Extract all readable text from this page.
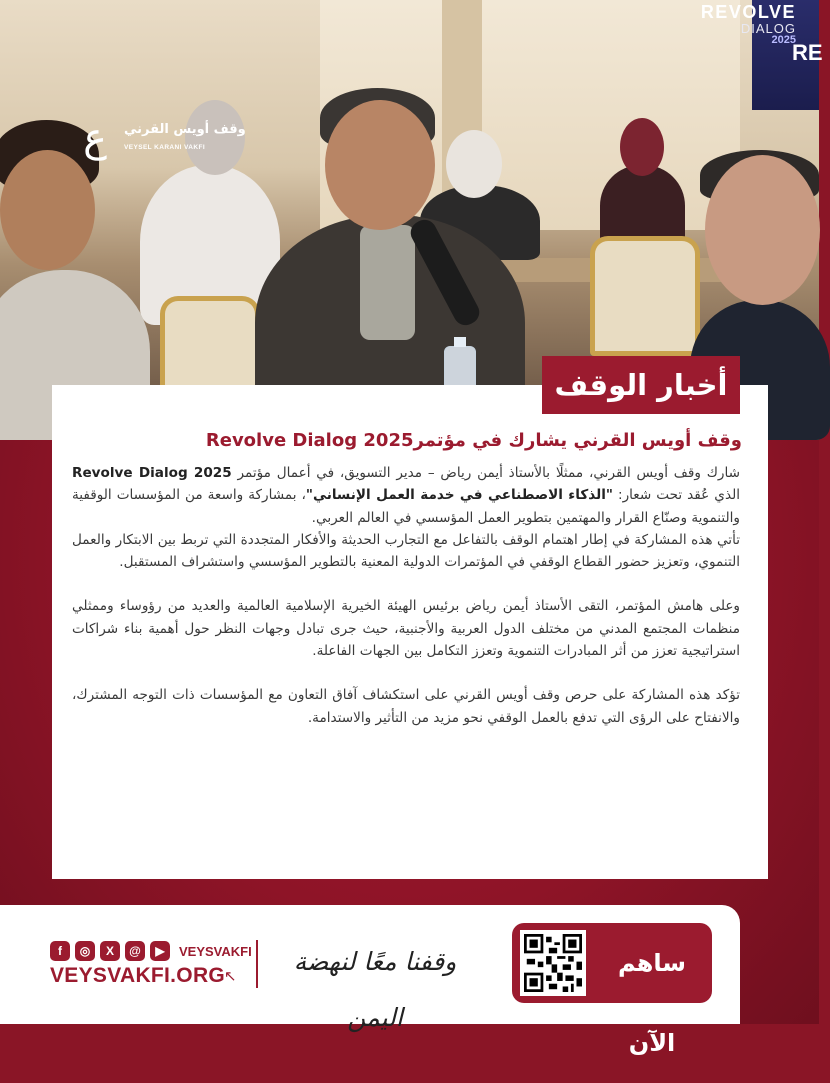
RE
ع	وقف أويس القرني
VEYSEL KARANI VAKFI
REVOLVE
DIALOG
2025
أخبار الوقف
وقف أويس القرني يشارك في مؤتمر2025 Revolve Dialog

شارك وقف أويس القرني، ممثلًا بالأستاذ أيمن رياض – مدير التسويق، في أعمال مؤتمر Revolve Dialog 2025 الذي عُقد تحت شعار: "الذكاء الاصطناعي في خدمة العمل الإنساني"، بمشاركة واسعة من المؤسسات الوقفية والتنموية وصنّاع القرار والمهتمين بتطوير العمل المؤسسي في العالم العربي.

تأتي هذه المشاركة في إطار اهتمام الوقف بالتفاعل مع التجارب الحديثة والأفكار المتجددة التي تربط بين الابتكار والعمل التنموي، وتعزيز حضور القطاع الوقفي في المؤتمرات الدولية المعنية بالتطوير المؤسسي واستشراف المستقبل.

وعلى هامش المؤتمر، التقى الأستاذ أيمن رياض برئيس الهيئة الخيرية الإسلامية العالمية والعديد من رؤوساء وممثلي منظمات المجتمع المدني من مختلف الدول العربية والأجنبية، حيث جرى تبادل وجهات النظر حول أهمية بناء شراكات استراتيجية تعزز من أثر المبادرات التنموية وتعزز التكامل بين الجهات الفاعلة.

تؤكد هذه المشاركة على حرص وقف أويس القرني على استكشاف آفاق التعاون مع المؤسسات ذات التوجه المشترك، والانفتاح على الرؤى التي تدفع بالعمل الوقفي نحو مزيد من التأثير والاستدامة.

f	◎	X	@	▶	VEYSVAKFI
VEYSVAKFI.ORG
↖	وقفنا معًا لنهضة اليمن
ساهم الآن
